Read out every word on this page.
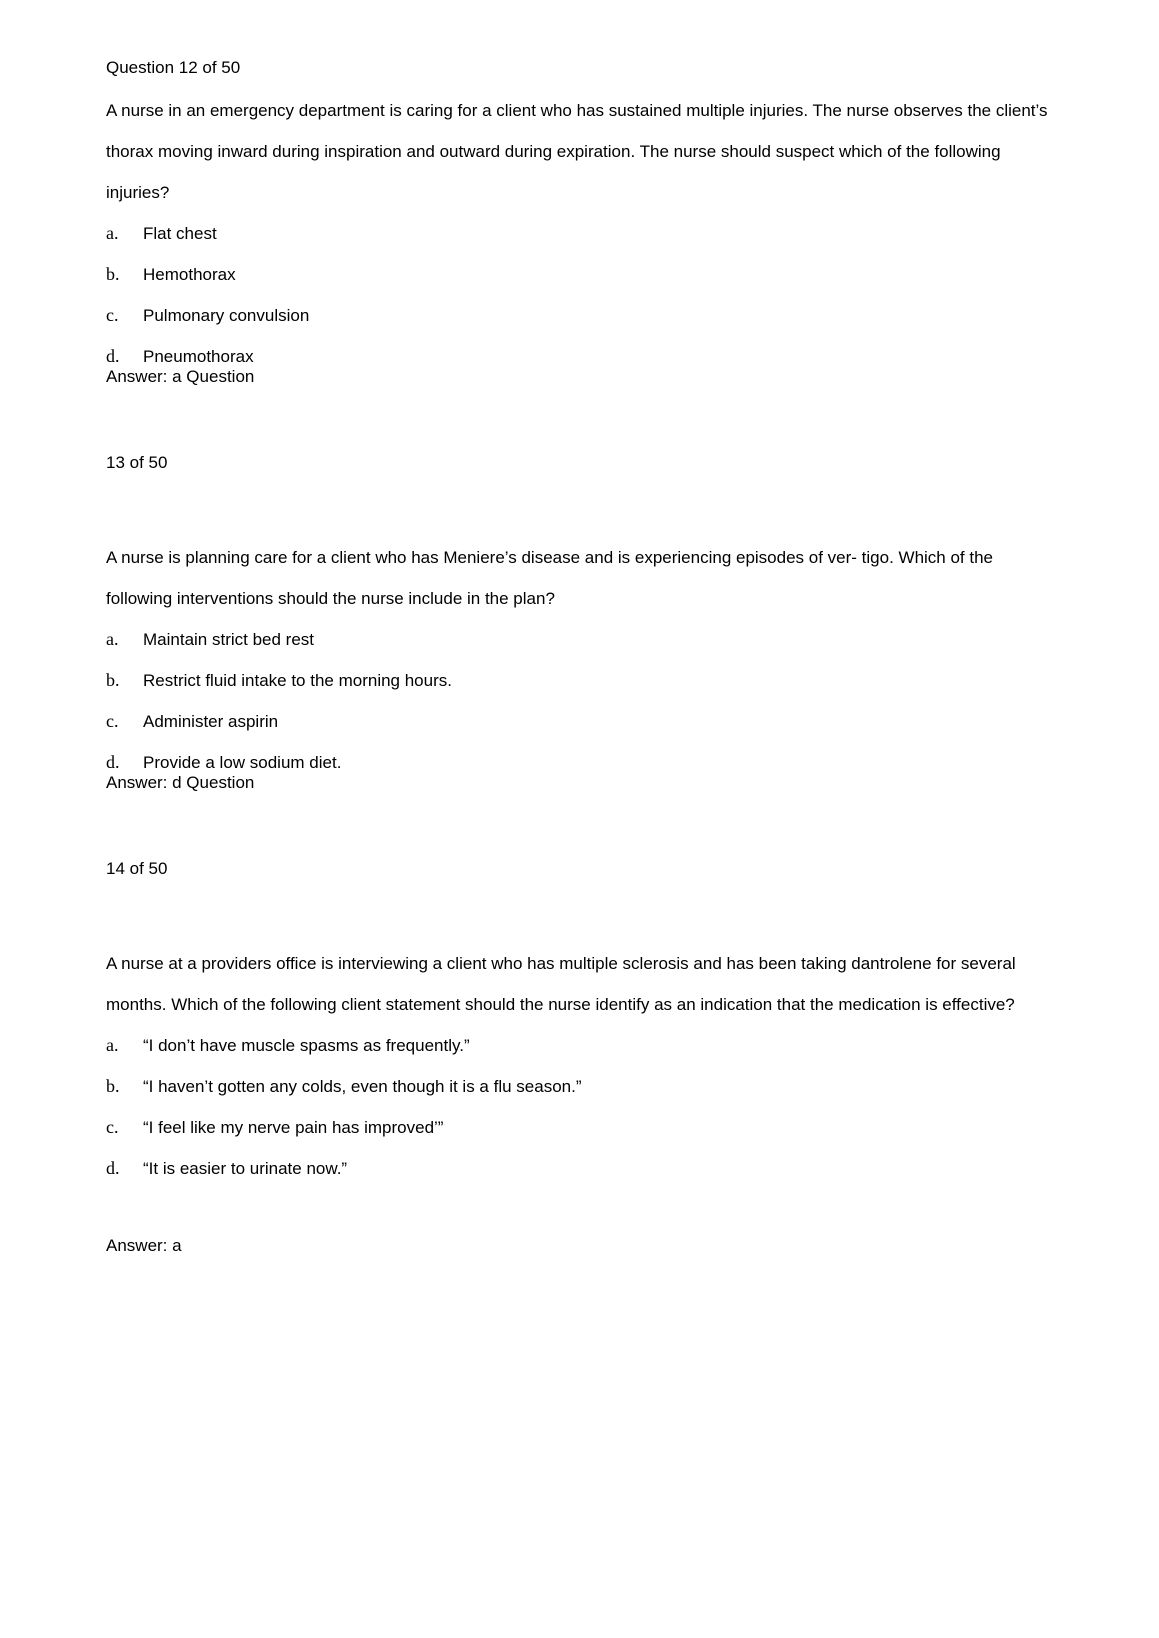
Question 12 of 50

A nurse in an emergency department is caring for a client who has sustained multiple injuries. The nurse observes the client’s thorax moving inward during inspiration and outward during expiration. The nurse should suspect which of the following injuries?

a.	Flat chest
b.	Hemothorax
c.	Pulmonary convulsion
d.	Pneumothorax
Answer: a Question
13 of 50

A nurse is planning care for a client who has Meniere’s disease and is experiencing episodes of ver- tigo. Which of the following interventions should the nurse include in the plan?

a.	Maintain strict bed rest
b.	Restrict fluid intake to the morning hours.
c.	Administer aspirin
d.	Provide a low sodium diet.
Answer: d Question
14 of 50

A nurse at a providers office is interviewing a client who has multiple sclerosis and has been taking dantrolene for several months. Which of the following client statement should the nurse identify as an indication that the medication is effective?

a.	“I don’t have muscle spasms as frequently.”
b.	“I haven’t gotten any colds, even though it is a flu season.”
c.	“I feel like my nerve pain has improved’”
d.	“It is easier to urinate now.”
Answer: a
